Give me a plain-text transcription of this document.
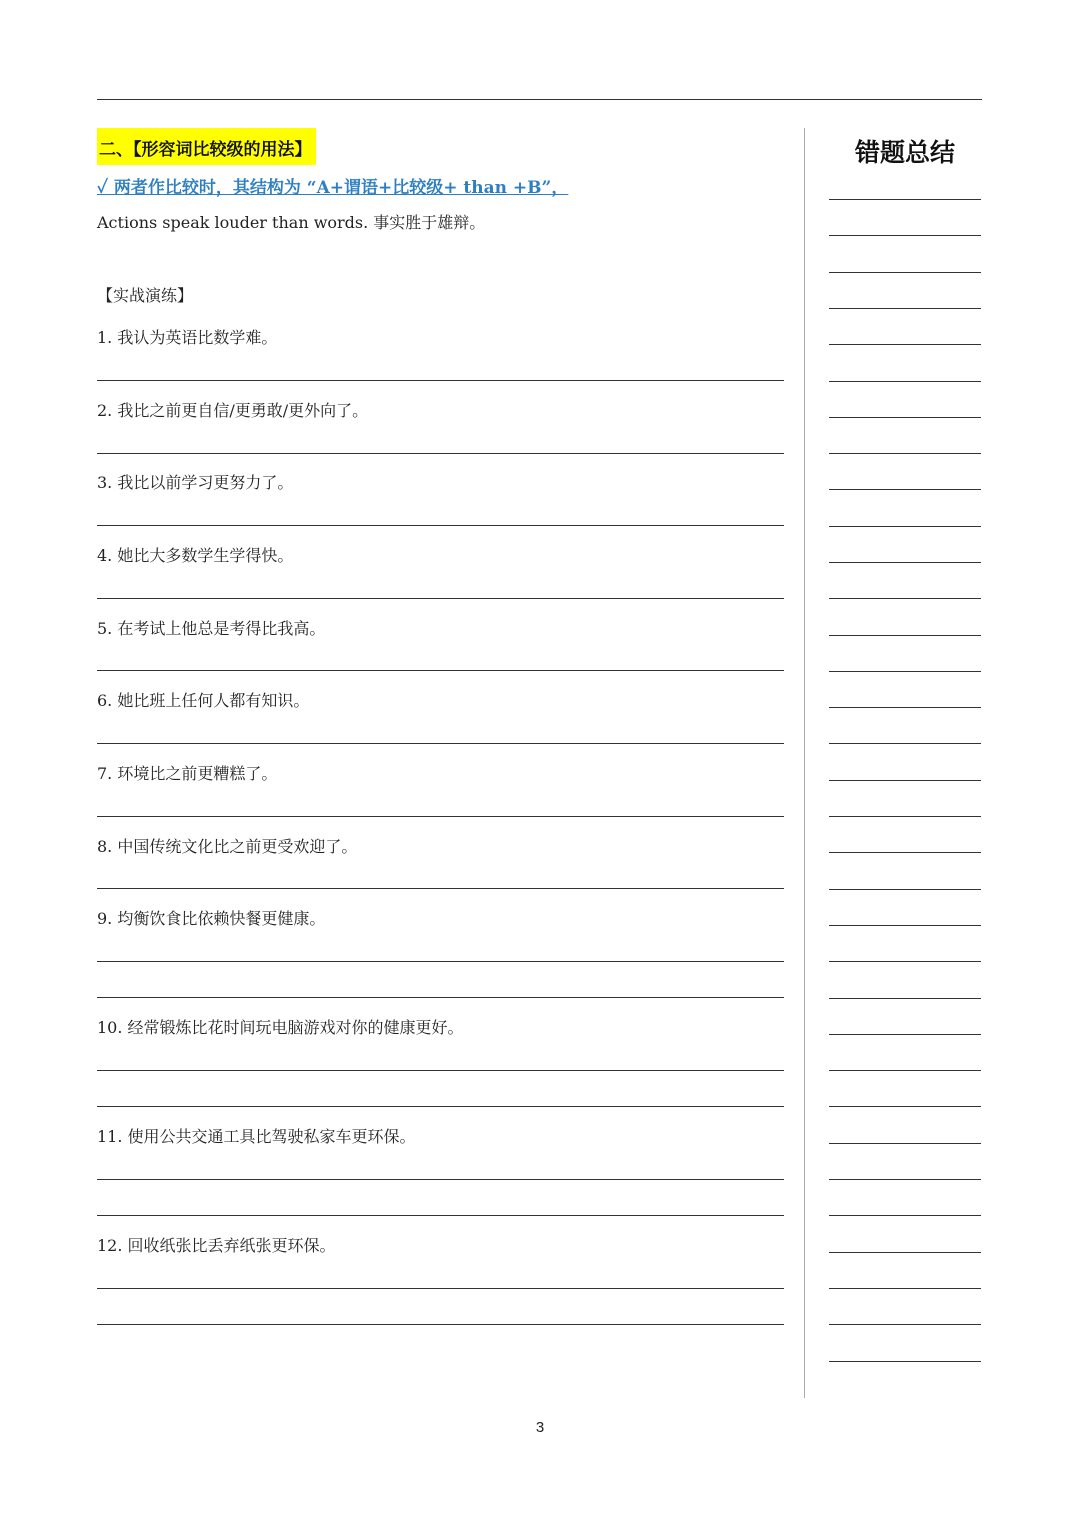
二、【形容词比较级的用法】
✓ 两者作比较时，其结构为 “A+谓语+比较级+ than +B”，
Actions speak louder than words. 事实胜于雄辩。
【实战演练】
1. 我认为英语比数学难。
2. 我比之前更自信/更勇敢/更外向了。
3. 我比以前学习更努力了。
4. 她比大多数学生学得快。
5. 在考试上他总是考得比我高。
6. 她比班上任何人都有知识。
7. 环境比之前更糟糕了。
8. 中国传统文化比之前更受欢迎了。
9. 均衡饮食比依赖快餐更健康。
10. 经常锻炼比花时间玩电脑游戏对你的健康更好。
11. 使用公共交通工具比驾驶私家车更环保。
12. 回收纸张比丢弃纸张更环保。
错题总结
3
